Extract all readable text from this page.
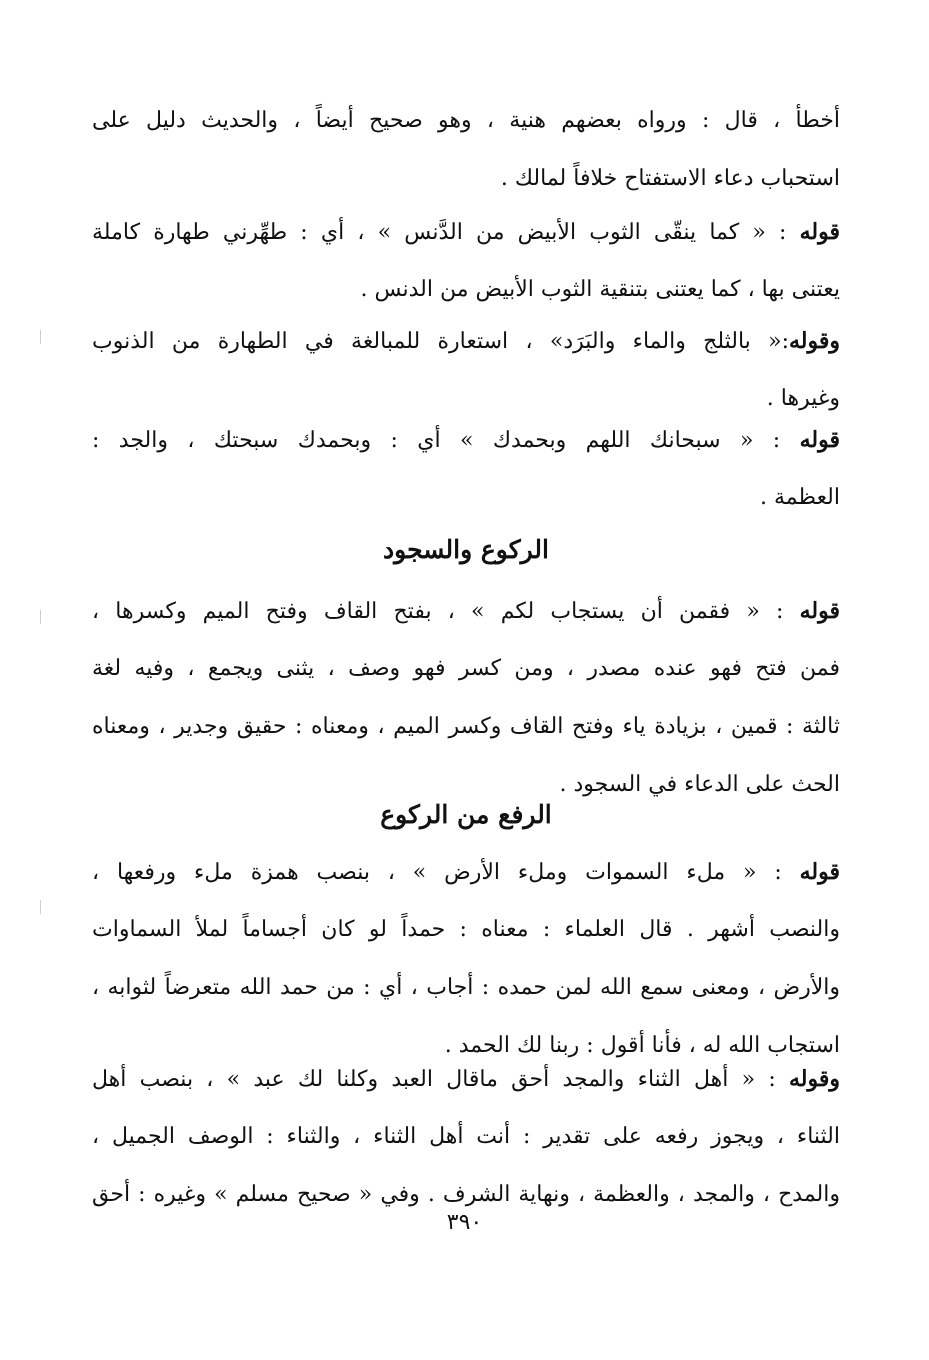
أخطأ ، قال : ورواه بعضهم هنية ، وهو صحيح أيضاً ، والحديث دليل على
استحباب دعاء الاستفتاح خلافاً لمالك .

قوله : « كما ينقّى الثوب الأبيض من الدَّنس » ، أي : طهِّرني طهارة كاملة
يعتنى بها ، كما يعتنى بتنقية الثوب الأبيض من الدنس .

وقوله:« بالثلج والماء والبَرَد» ، استعارة للمبالغة في الطهارة من الذنوب
وغيرها .

قوله : « سبحانك اللهم وبحمدك » أي : وبحمدك سبحتك ، والجد :
العظمة .

الركوع والسجود

قوله : « فقمن أن يستجاب لكم » ، بفتح القاف وفتح الميم وكسرها ،
فمن فتح فهو عنده مصدر ، ومن كسر فهو وصف ، يثنى ويجمع ، وفيه لغة
ثالثة : قمين ، بزيادة ياء وفتح القاف وكسر الميم ، ومعناه : حقيق وجدير ، ومعناه
الحث على الدعاء في السجود .

الرفع من الركوع

قوله : « ملء السموات وملء الأرض » ، بنصب همزة ملء ورفعها ،
والنصب أشهر . قال العلماء : معناه : حمداً لو كان أجساماً لملأ السماوات
والأرض ، ومعنى سمع الله لمن حمده : أجاب ، أي : من حمد الله متعرضاً لثوابه ،
استجاب الله له ، فأنا أقول : ربنا لك الحمد .

وقوله : « أهل الثناء والمجد أحق ماقال العبد وكلنا لك عبد » ، بنصب أهل
الثناء ، ويجوز رفعه على تقدير : أنت أهل الثناء ، والثناء : الوصف الجميل ،
والمدح ، والمجد ، والعظمة ، ونهاية الشرف . وفي « صحيح مسلم » وغيره : أحق

٣٩٠
